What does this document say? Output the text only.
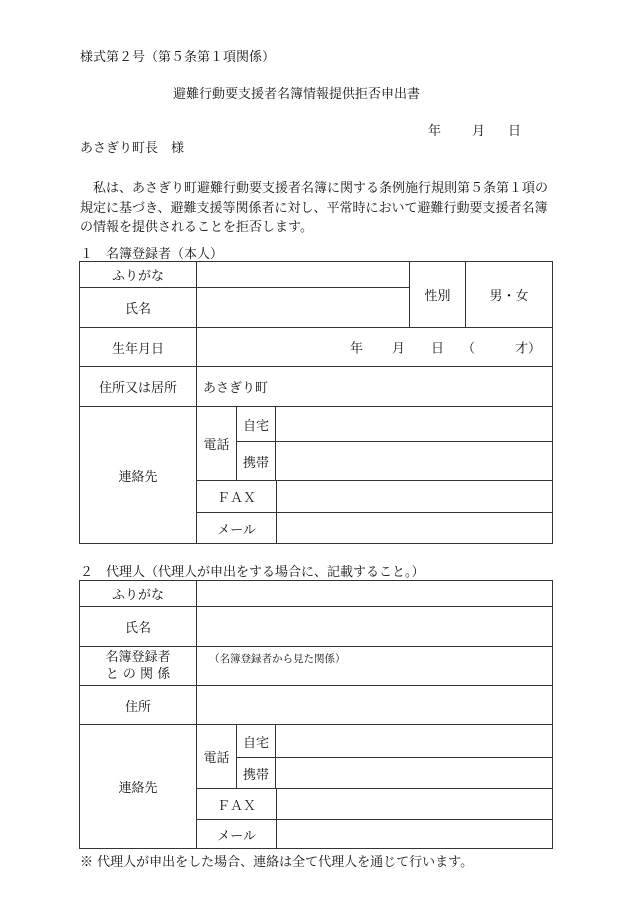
様式第２号（第５条第１項関係）
避難行動要支援者名簿情報提供拒否申出書
年 月 日
あさぎり町長　様
私は、あさぎり町避難行動要支援者名簿に関する条例施行規則第５条第１項の規定に基づき、避難支援等関係者に対し、平常時において避難行動要支援者名簿の情報を提供されることを拒否します。
１　名簿登録者（本人）
ふりがな			性別	男・女
氏名				
生年月日	年 月 日 （ 才）			

住所又は居所	あさぎり町			
連絡先	電話	自宅		

携帯		

ＦＡＸ			

メール			
２　代理人（代理人が申出をする場合に、記載すること。）
ふりがな		
氏名		

名簿登録者
と の 関 係	（名簿登録者から見た関係）	
住所		
連絡先	電話	自宅

携帯

ＦＡＸ	

メール	
※ 代理人が申出をした場合、連絡は全て代理人を通じて行います。
